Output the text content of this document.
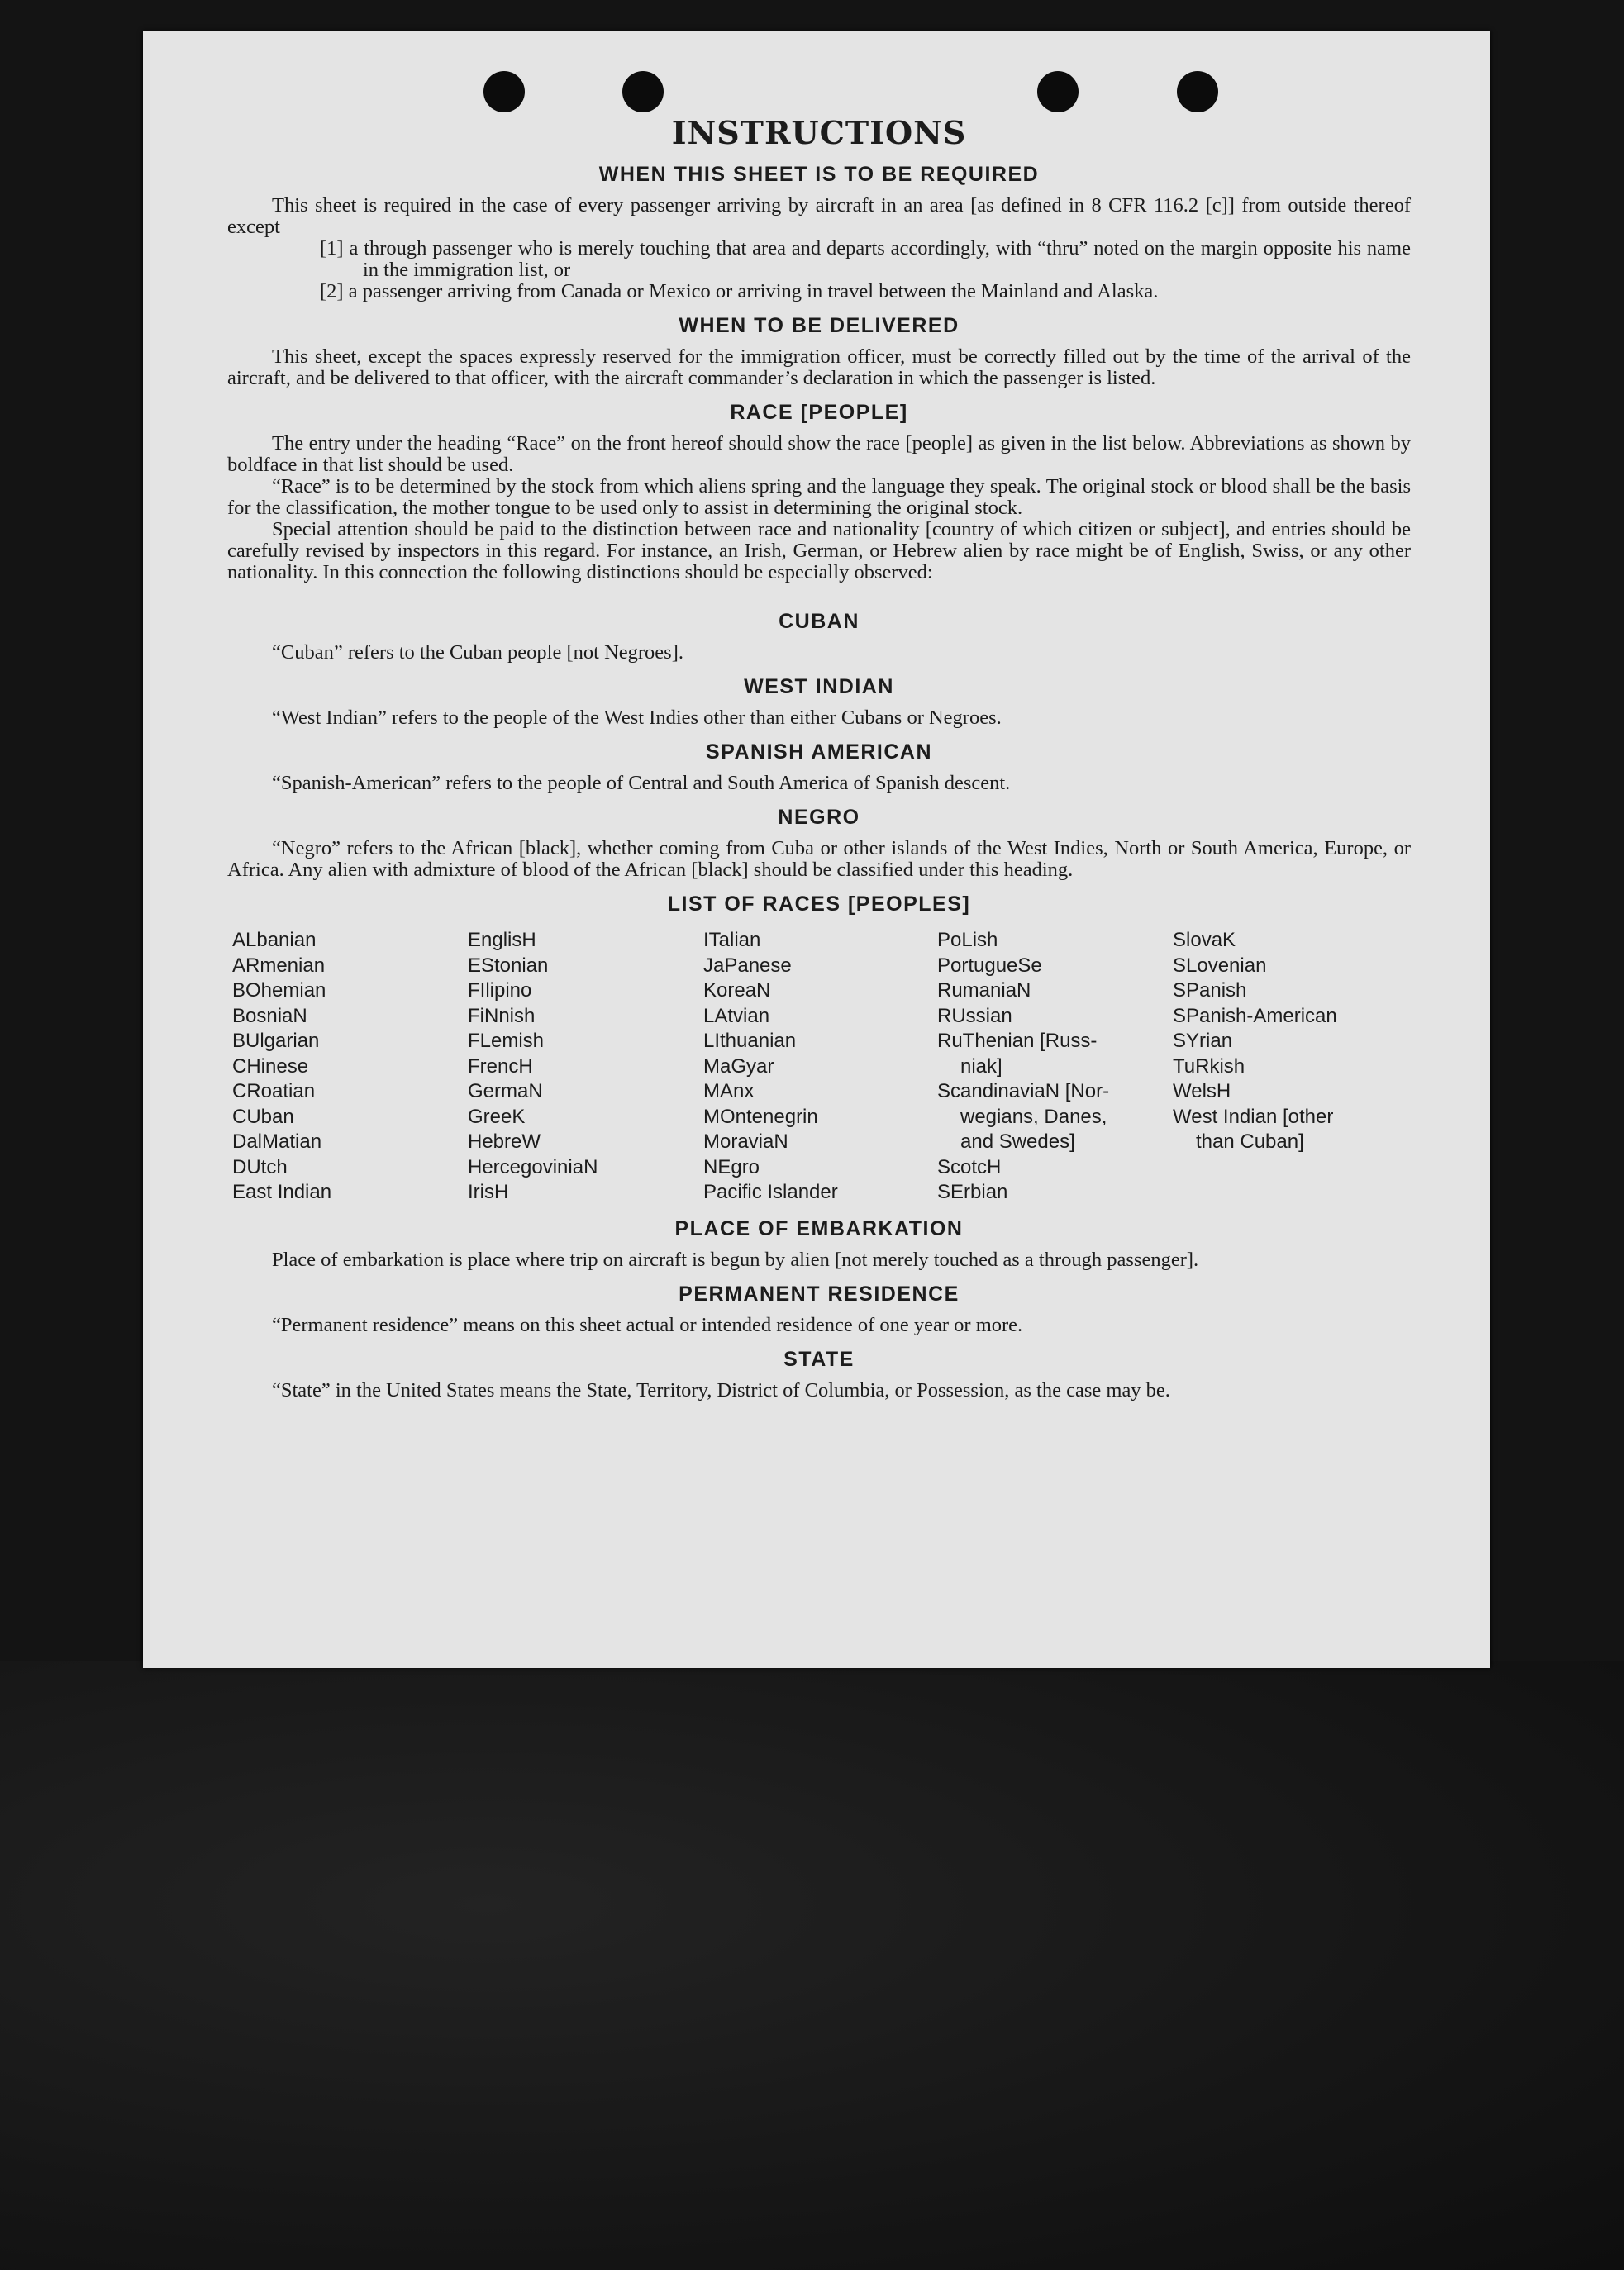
INSTRUCTIONS
WHEN THIS SHEET IS TO BE REQUIRED

This sheet is required in the case of every passenger arriving by aircraft in an area [as defined in 8 CFR 116.2 [c]] from outside thereof except

[1] a through passenger who is merely touching that area and departs accordingly, with “thru” noted on the margin opposite his name in the immigration list, or

[2] a passenger arriving from Canada or Mexico or arriving in travel between the Mainland and Alaska.

WHEN TO BE DELIVERED

This sheet, except the spaces expressly reserved for the immigration officer, must be correctly filled out by the time of the arrival of the aircraft, and be delivered to that officer, with the aircraft commander’s declaration in which the passenger is listed.

RACE [PEOPLE]

The entry under the heading “Race” on the front hereof should show the race [people] as given in the list below. Abbreviations as shown by boldface in that list should be used.

“Race” is to be determined by the stock from which aliens spring and the language they speak. The original stock or blood shall be the basis for the classification, the mother tongue to be used only to assist in determining the original stock.

Special attention should be paid to the distinction between race and nationality [country of which citizen or subject], and entries should be carefully revised by inspectors in this regard. For instance, an Irish, German, or Hebrew alien by race might be of English, Swiss, or any other nationality. In this connection the following distinctions should be especially observed:

CUBAN

“Cuban” refers to the Cuban people [not Negroes].

WEST INDIAN

“West Indian” refers to the people of the West Indies other than either Cubans or Negroes.

SPANISH AMERICAN

“Spanish-American” refers to the people of Central and South America of Spanish descent.

NEGRO

“Negro” refers to the African [black], whether coming from Cuba or other islands of the West Indies, North or South America, Europe, or Africa. Any alien with admixture of blood of the African [black] should be classified under this heading.

LIST OF RACES [PEOPLES]
ALbanian
ARmenian
BOhemian
BosniaN
BUlgarian
CHinese
CRoatian
CUban
DalMatian
DUtch
East Indian
EnglisH
EStonian
FIlipino
FiNnish
FLemish
FrencH
GermaN
GreeK
HebreW
HercegoviniaN
IrisH
ITalian
JaPanese
KoreaN
LAtvian
LIthuanian
MaGyar
MAnx
MOntenegrin
MoraviaN
NEgro
Pacific Islander
PoLish
PortugueSe
RumaniaN
RUssian
RuThenian [Russ-
niak]
ScandinaviaN [Nor-
wegians, Danes,
and Swedes]
ScotcH
SErbian
SlovaK
SLovenian
SPanish
SPanish-American
SYrian
TuRkish
WelsH
West Indian [other
than Cuban]

PLACE OF EMBARKATION

Place of embarkation is place where trip on aircraft is begun by alien [not merely touched as a through passenger].

PERMANENT RESIDENCE

“Permanent residence” means on this sheet actual or intended residence of one year or more.

STATE

“State” in the United States means the State, Territory, District of Columbia, or Possession, as the case may be.
